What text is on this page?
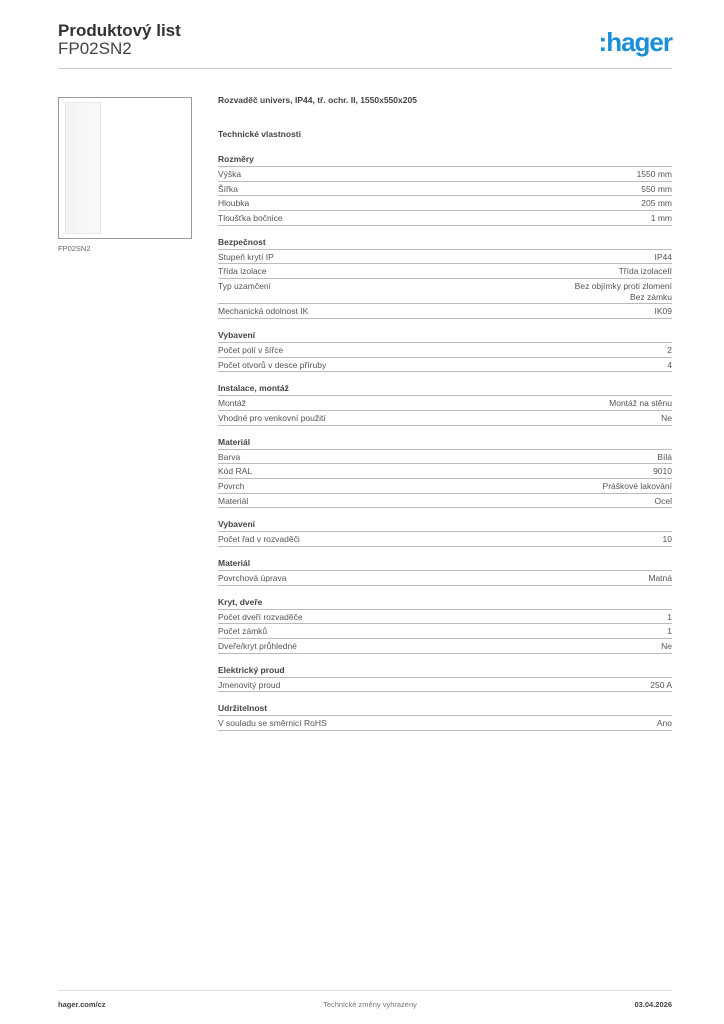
Produktový list
FP02SN2	:hager
FP02SN2
Rozvaděč univers, IP44, tř. ochr. II, 1550x550x205
Technické vlastnosti
Rozměry
Výška	1550 mm
Šířka	550 mm
Hloubka	205 mm
Tloušťka bočnice	1 mm
Bezpečnost
Stupeň krytí IP	IP44
Třída izolace	Třída izolaceII
Typ uzamčení	Bez objímky proti zlomení
Bez zámku
Mechanická odolnost IK	IK09
Vybavení
Počet polí v šířce	2
Počet otvorů v desce příruby	4
Instalace, montáž
Montáž	Montáž na stěnu
Vhodné pro venkovní použití	Ne
Materiál
Barva	Bílá
Kód RAL	9010
Povrch	Práškové lakování
Materiál	Ocel
Vybavení
Počet řad v rozvaděči	10
Materiál
Povrchová úprava	Matná
Kryt, dveře
Počet dveří rozvaděče	1
Počet zámků	1
Dveře/kryt průhledné	Ne
Elektrický proud
Jmenovitý proud	250 A
Udržitelnost
V souladu se směrnicí RoHS	Ano
hager.com/cz	Technické změny vyhrazeny	03.04.2026
